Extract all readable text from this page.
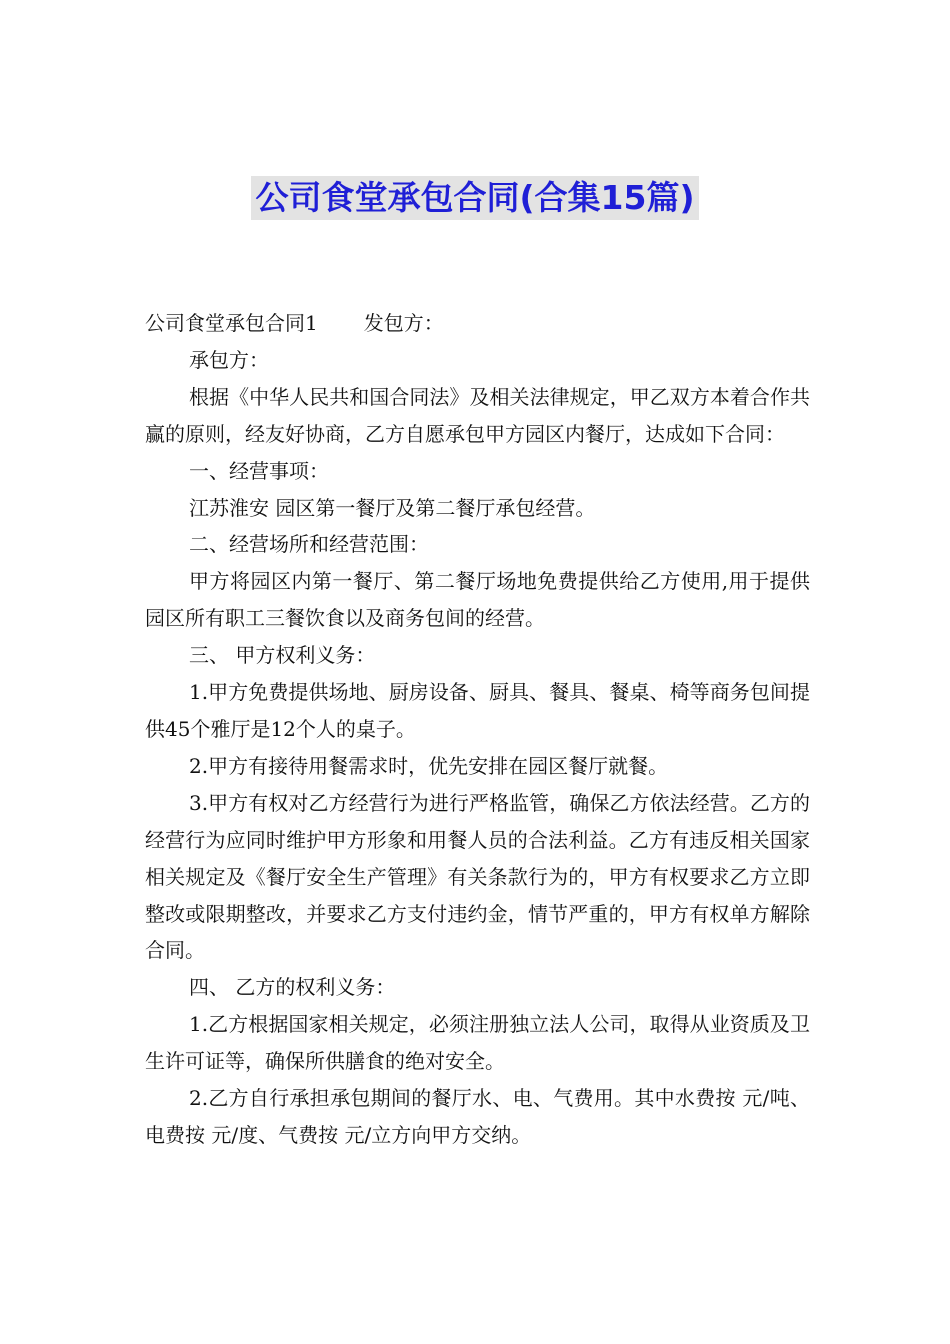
公司食堂承包合同(合集15篇)

公司食堂承包合同1 发包方：

承包方：

根据《中华人民共和国合同法》及相关法律规定，甲乙双方本着合作共赢的原则，经友好协商，乙方自愿承包甲方园区内餐厅，达成如下合同：

一、经营事项：

江苏淮安 园区第一餐厅及第二餐厅承包经营。

二、经营场所和经营范围：

甲方将园区内第一餐厅、第二餐厅场地免费提供给乙方使用,用于提供园区所有职工三餐饮食以及商务包间的经营。

三、 甲方权利义务：

1.甲方免费提供场地、厨房设备、厨具、餐具、餐桌、椅等商务包间提供45个雅厅是12个人的桌子。

2.甲方有接待用餐需求时，优先安排在园区餐厅就餐。

3.甲方有权对乙方经营行为进行严格监管，确保乙方依法经营。乙方的经营行为应同时维护甲方形象和用餐人员的合法利益。乙方有违反相关国家相关规定及《餐厅安全生产管理》有关条款行为的，甲方有权要求乙方立即整改或限期整改，并要求乙方支付违约金，情节严重的，甲方有权单方解除合同。

四、 乙方的权利义务：

1.乙方根据国家相关规定，必须注册独立法人公司，取得从业资质及卫生许可证等，确保所供膳食的绝对安全。

2.乙方自行承担承包期间的餐厅水、电、气费用。其中水费按 元/吨、电费按 元/度、气费按 元/立方向甲方交纳。
